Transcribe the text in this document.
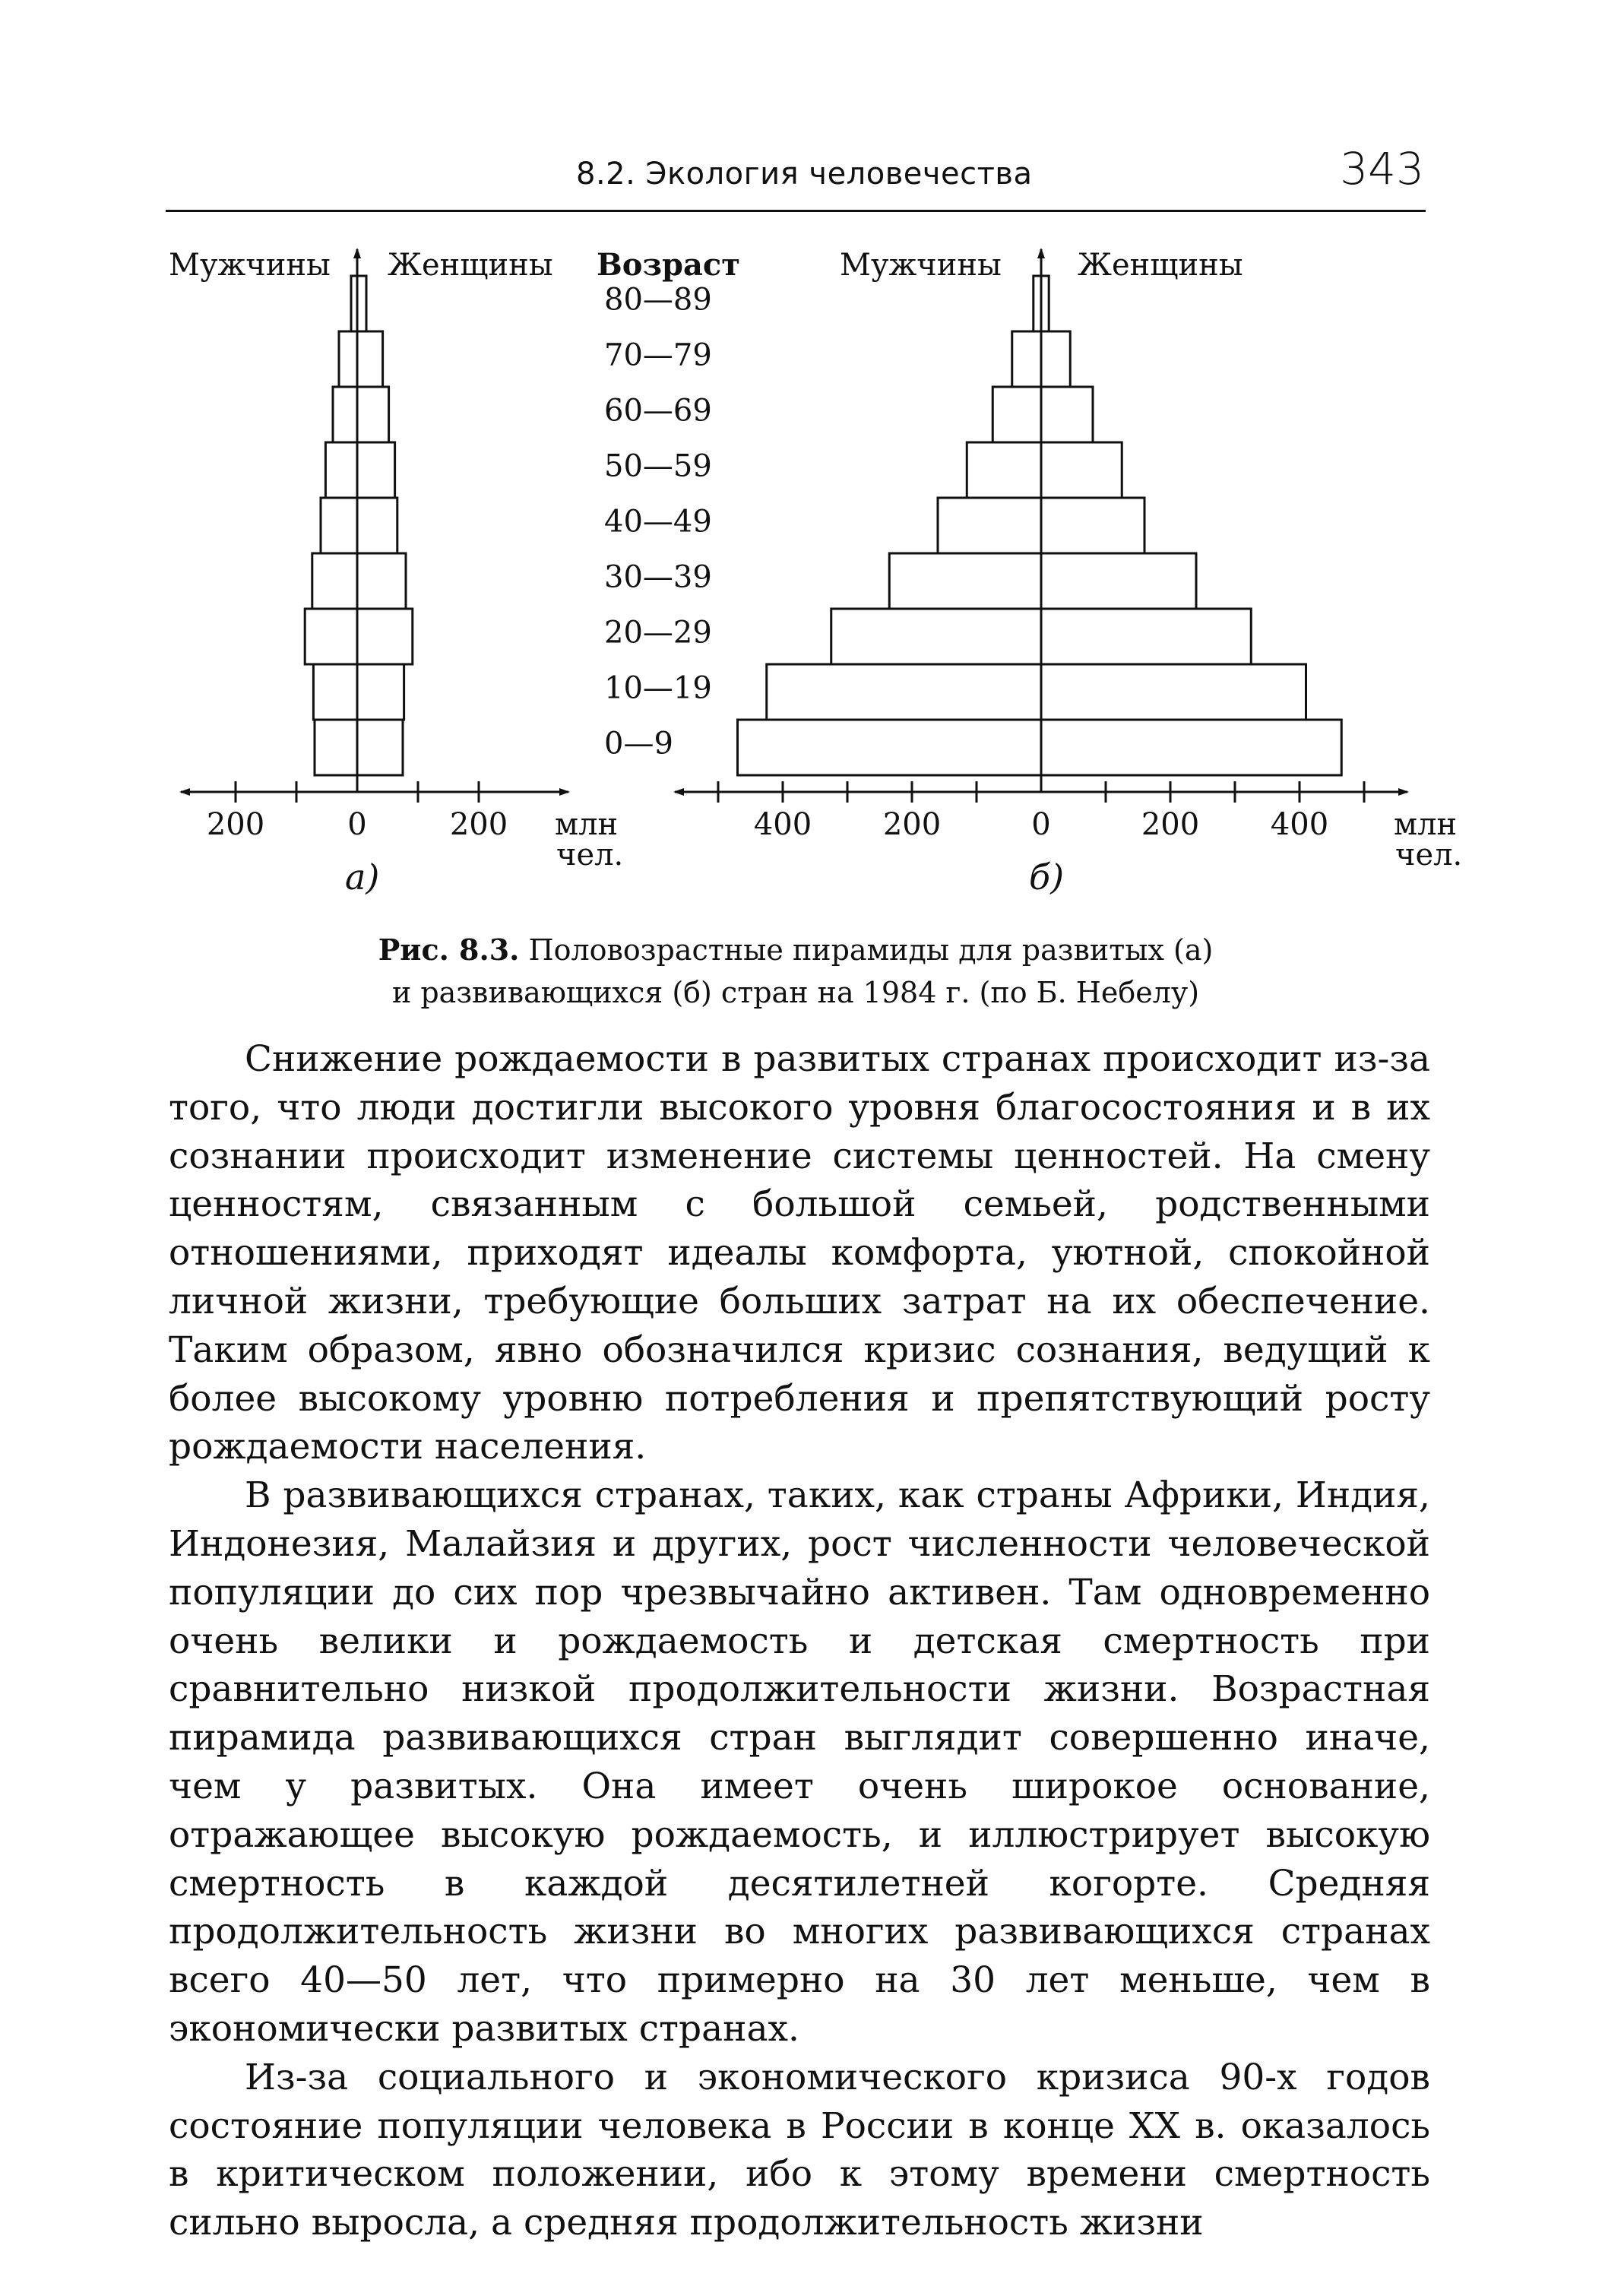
8.2. Экология человечества	343
200	0	200 млн
чел.
Мужчины Женщины
а)
400 200	0	200 400 млн
чел.
Мужчины	Женщины
б)
Возраст
0—9
10—19
20—29
30—39
40—49
50—59
60—69
70—79
80—89
Рис. 8.3. Половозрастные пирамиды для развитых (а)
и развивающихся (б) стран на 1984 г. (по Б. Небелу)

Снижение рождаемости в развитых странах происходит из-за того, что люди достигли высокого уровня благосостояния и в их сознании происходит изменение системы ценностей. На смену ценностям, связанным с большой семьей, родственными отношениями, приходят идеалы комфорта, уютной, спокойной личной жизни, требующие больших затрат на их обеспечение. Таким образом, явно обозначился кризис сознания, ведущий к более высокому уровню потребления и препятствующий росту рождаемости населения.

В развивающихся странах, таких, как страны Африки, Индия, Индонезия, Малайзия и других, рост численности человеческой популяции до сих пор чрезвычайно активен. Там одновременно очень велики и рождаемость и детская смертность при сравнительно низкой продолжительности жизни. Возрастная пирамида развивающихся стран выглядит совершенно иначе, чем у развитых. Она имеет очень широкое основание, отражающее высокую рождаемость, и иллюстрирует высокую смертность в каждой десятилетней когорте. Средняя продолжительность жизни во многих развивающихся странах всего 40—50 лет, что примерно на 30 лет меньше, чем в экономически развитых странах.

Из-за социального и экономического кризиса 90-х годов состояние популяции человека в России в конце XX в. оказалось в критическом положении, ибо к этому времени смертность сильно выросла, а средняя продолжительность жизни
